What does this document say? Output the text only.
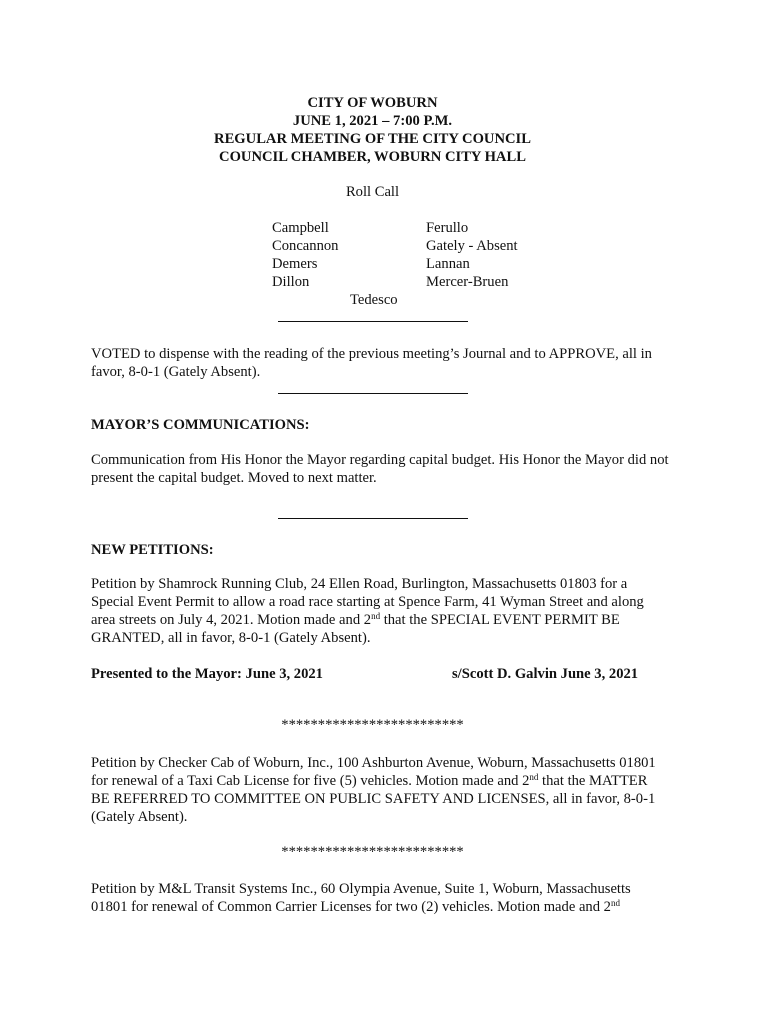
CITY OF WOBURN
JUNE 1, 2021 – 7:00 P.M.
REGULAR MEETING OF THE CITY COUNCIL
COUNCIL CHAMBER, WOBURN CITY HALL
Roll Call
Campbell
Concannon
Demers
Dillon
Ferullo
Gately - Absent
Lannan
Mercer-Bruen
Tedesco
VOTED to dispense with the reading of the previous meeting’s Journal and to APPROVE, all in favor, 8-0-1 (Gately Absent).
MAYOR’S COMMUNICATIONS:
Communication from His Honor the Mayor regarding capital budget. His Honor the Mayor did not present the capital budget. Moved to next matter.
NEW PETITIONS:
Petition by Shamrock Running Club, 24 Ellen Road, Burlington, Massachusetts 01803 for a Special Event Permit to allow a road race starting at Spence Farm, 41 Wyman Street and along area streets on July 4, 2021. Motion made and 2nd that the SPECIAL EVENT PERMIT BE GRANTED, all in favor, 8-0-1 (Gately Absent).
Presented to the Mayor: June 3, 2021	s/Scott D. Galvin June 3, 2021
*************************
Petition by Checker Cab of Woburn, Inc., 100 Ashburton Avenue, Woburn, Massachusetts 01801 for renewal of a Taxi Cab License for five (5) vehicles. Motion made and 2nd that the MATTER BE REFERRED TO COMMITTEE ON PUBLIC SAFETY AND LICENSES, all in favor, 8-0-1 (Gately Absent).
*************************
Petition by M&L Transit Systems Inc., 60 Olympia Avenue, Suite 1, Woburn, Massachusetts 01801 for renewal of Common Carrier Licenses for two (2) vehicles. Motion made and 2nd
